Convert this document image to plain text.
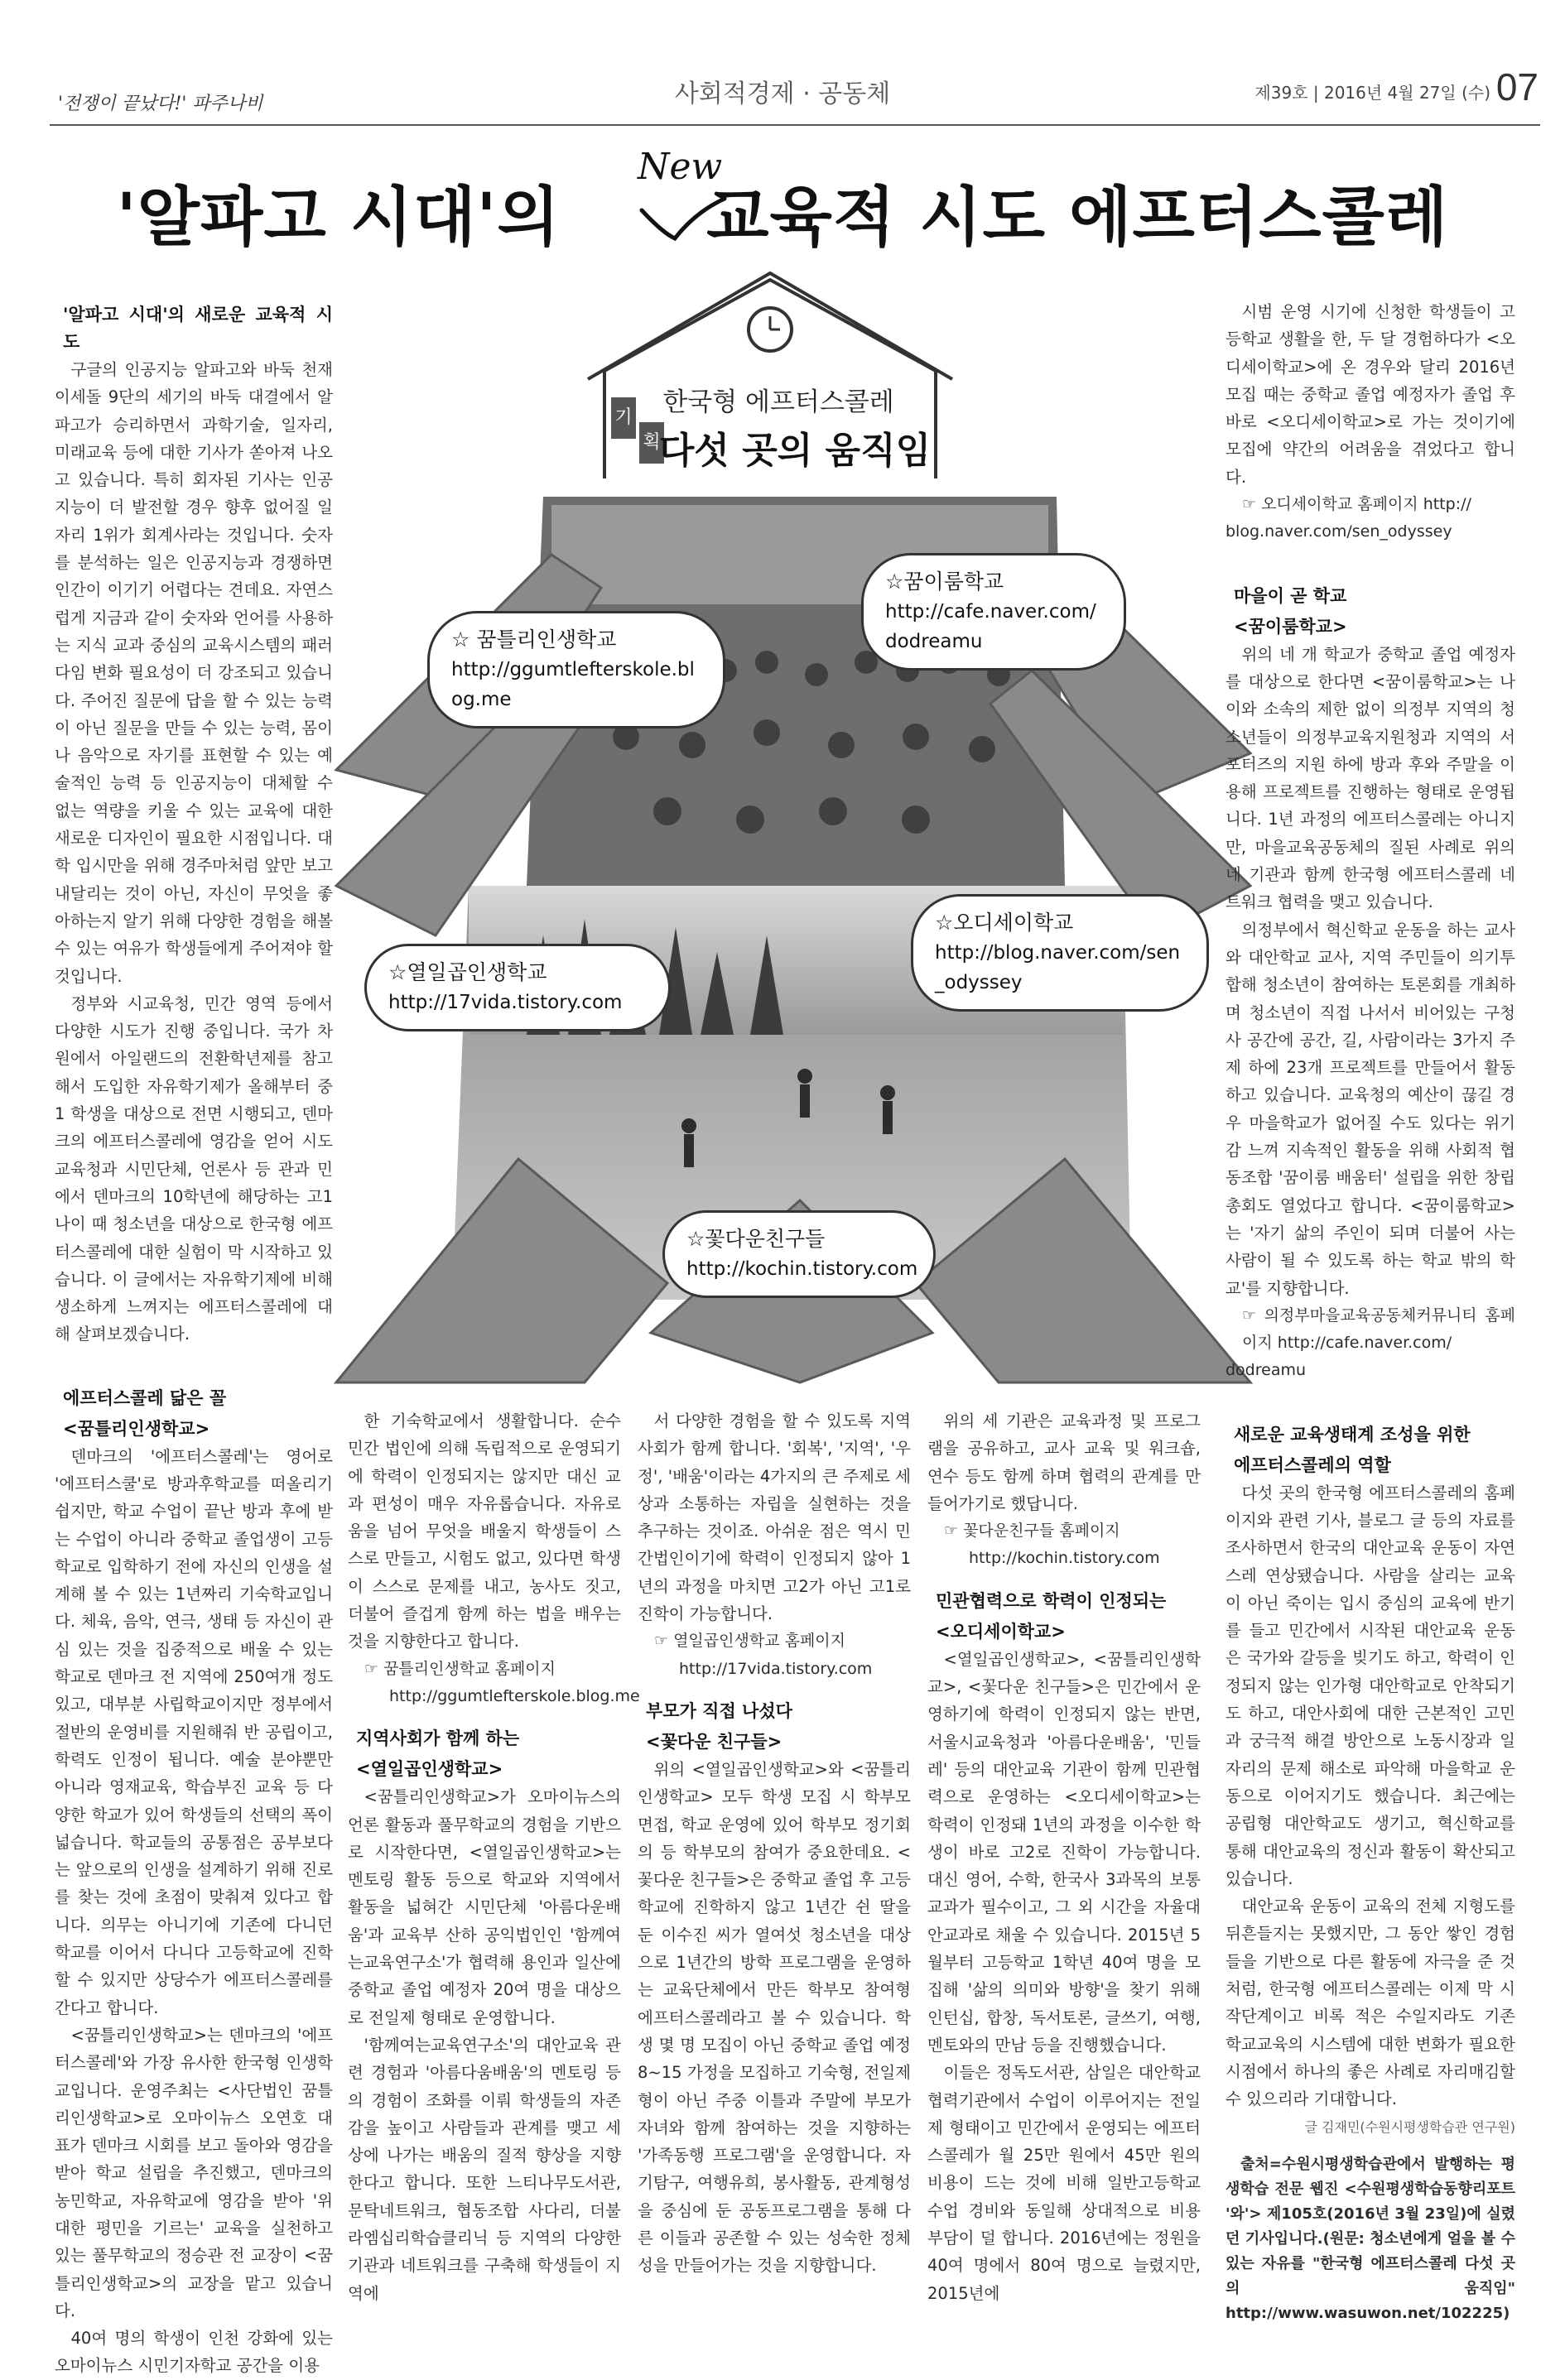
'전쟁이 끝났다!' 파주나비	사회적경제 · 공동체	제39호 | 2016년 4월 27일 (수) 07
'알파고 시대'의 교육적 시도 에프터스콜레
New
기
획
한국형 에프터스콜레
다섯 곳의 움직임
☆ 꿈틀리인생학교
http://ggumtlefterskole.blog.me
☆꿈이룸학교
http://cafe.naver.com/dodreamu
☆열일곱인생학교
http://17vida.tistory.com
☆오디세이학교
http://blog.naver.com/sen_odyssey
☆꽃다운친구들
http://kochin.tistory.com
'알파고 시대'의 새로운 교육적 시도

구글의 인공지능 알파고와 바둑 천재 이세돌 9단의 세기의 바둑 대결에서 알파고가 승리하면서 과학기술, 일자리, 미래교육 등에 대한 기사가 쏟아져 나오고 있습니다. 특히 회자된 기사는 인공지능이 더 발전할 경우 향후 없어질 일자리 1위가 회계사라는 것입니다. 숫자를 분석하는 일은 인공지능과 경쟁하면 인간이 이기기 어렵다는 견데요. 자연스럽게 지금과 같이 숫자와 언어를 사용하는 지식 교과 중심의 교육시스템의 패러다임 변화 필요성이 더 강조되고 있습니다. 주어진 질문에 답을 할 수 있는 능력이 아닌 질문을 만들 수 있는 능력, 몸이나 음악으로 자기를 표현할 수 있는 예술적인 능력 등 인공지능이 대체할 수 없는 역량을 키울 수 있는 교육에 대한 새로운 디자인이 필요한 시점입니다. 대학 입시만을 위해 경주마처럼 앞만 보고 내달리는 것이 아닌, 자신이 무엇을 좋아하는지 알기 위해 다양한 경험을 해볼 수 있는 여유가 학생들에게 주어져야 할 것입니다.

정부와 시교육청, 민간 영역 등에서 다양한 시도가 진행 중입니다. 국가 차원에서 아일랜드의 전환학년제를 참고해서 도입한 자유학기제가 올해부터 중1 학생을 대상으로 전면 시행되고, 덴마크의 에프터스콜레에 영감을 얻어 시도교육청과 시민단체, 언론사 등 관과 민에서 덴마크의 10학년에 해당하는 고1 나이 때 청소년을 대상으로 한국형 에프터스콜레에 대한 실험이 막 시작하고 있습니다. 이 글에서는 자유학기제에 비해 생소하게 느껴지는 에프터스콜레에 대해 살펴보겠습니다.

에프터스콜레 닮은 꼴
<꿈틀리인생학교>

덴마크의 '에프터스콜레'는 영어로 '에프터스쿨'로 방과후학교를 떠올리기 쉽지만, 학교 수업이 끝난 방과 후에 받는 수업이 아니라 중학교 졸업생이 고등학교로 입학하기 전에 자신의 인생을 설계해 볼 수 있는 1년짜리 기숙학교입니다. 체육, 음악, 연극, 생태 등 자신이 관심 있는 것을 집중적으로 배울 수 있는 학교로 덴마크 전 지역에 250여개 정도 있고, 대부분 사립학교이지만 정부에서 절반의 운영비를 지원해줘 반 공립이고, 학력도 인정이 됩니다. 예술 분야뿐만 아니라 영재교육, 학습부진 교육 등 다양한 학교가 있어 학생들의 선택의 폭이 넓습니다. 학교들의 공통점은 공부보다는 앞으로의 인생을 설계하기 위해 진로를 찾는 것에 초점이 맞춰져 있다고 합니다. 의무는 아니기에 기존에 다니던 학교를 이어서 다니다 고등학교에 진학할 수 있지만 상당수가 에프터스콜레를 간다고 합니다.

<꿈틀리인생학교>는 덴마크의 '에프터스콜레'와 가장 유사한 한국형 인생학교입니다. 운영주최는 <사단법인 꿈틀리인생학교>로 오마이뉴스 오연호 대표가 덴마크 시회를 보고 돌아와 영감을 받아 학교 설립을 추진했고, 덴마크의 농민학교, 자유학교에 영감을 받아 '위대한 평민을 기르는' 교육을 실천하고 있는 풀무학교의 정승관 전 교장이 <꿈틀리인생학교>의 교장을 맡고 있습니다.

40여 명의 학생이 인천 강화에 있는 오마이뉴스 시민기자학교 공간을 이용

한 기숙학교에서 생활합니다. 순수 민간 법인에 의해 독립적으로 운영되기에 학력이 인정되지는 않지만 대신 교과 편성이 매우 자유롭습니다. 자유로움을 넘어 무엇을 배울지 학생들이 스스로 만들고, 시험도 없고, 있다면 학생이 스스로 문제를 내고, 농사도 짓고, 더불어 즐겁게 함께 하는 법을 배우는 것을 지향한다고 합니다.

☞ 꿈틀리인생학교 홈페이지
http://ggumtlefterskole.blog.me
지역사회가 함께 하는
<열일곱인생학교>

<꿈틀리인생학교>가 오마이뉴스의 언론 활동과 풀무학교의 경험을 기반으로 시작한다면, <열일곱인생학교>는 멘토링 활동 등으로 학교와 지역에서 활동을 넓혀간 시민단체 '아름다운배움'과 교육부 산하 공익법인인 '함께여는교육연구소'가 협력해 용인과 일산에 중학교 졸업 예정자 20여 명을 대상으로 전일제 형태로 운영합니다.

'함께여는교육연구소'의 대안교육 관련 경험과 '아름다움배움'의 멘토링 등의 경험이 조화를 이뤄 학생들의 자존감을 높이고 사람들과 관계를 맺고 세상에 나가는 배움의 질적 향상을 지향한다고 합니다. 또한 느티나무도서관, 문탁네트워크, 협동조합 사다리, 더불라엠십리학습클리닉 등 지역의 다양한 기관과 네트워크를 구축해 학생들이 지역에

서 다양한 경험을 할 수 있도록 지역사회가 함께 합니다. '회복', '지역', '우정', '배움'이라는 4가지의 큰 주제로 세상과 소통하는 자립을 실현하는 것을 추구하는 것이죠. 아쉬운 점은 역시 민간법인이기에 학력이 인정되지 않아 1년의 과정을 마치면 고2가 아닌 고1로 진학이 가능합니다.

☞ 열일곱인생학교 홈페이지
http://17vida.tistory.com
부모가 직접 나섰다
<꽃다운 친구들>

위의 <열일곱인생학교>와 <꿈틀리인생학교> 모두 학생 모집 시 학부모 면접, 학교 운영에 있어 학부모 정기회의 등 학부모의 참여가 중요한데요. <꽃다운 친구들>은 중학교 졸업 후 고등학교에 진학하지 않고 1년간 쉰 딸을 둔 이수진 씨가 열여섯 청소년을 대상으로 1년간의 방학 프로그램을 운영하는 교육단체에서 만든 학부모 참여형 에프터스콜레라고 볼 수 있습니다. 학생 몇 명 모집이 아닌 중학교 졸업 예정 8~15 가정을 모집하고 기숙형, 전일제형이 아닌 주중 이틀과 주말에 부모가 자녀와 함께 참여하는 것을 지향하는 '가족동행 프로그램'을 운영합니다. 자기탐구, 여행유희, 봉사활동, 관계형성을 중심에 둔 공동프로그램을 통해 다른 이들과 공존할 수 있는 성숙한 정체성을 만들어가는 것을 지향합니다.

위의 세 기관은 교육과정 및 프로그램을 공유하고, 교사 교육 및 워크숍, 연수 등도 함께 하며 협력의 관계를 만들어가기로 했답니다.

☞ 꽃다운친구들 홈페이지
http://kochin.tistory.com
민관협력으로 학력이 인정되는
<오디세이학교>

<열일곱인생학교>, <꿈틀리인생학교>, <꽃다운 친구들>은 민간에서 운영하기에 학력이 인정되지 않는 반면, 서울시교육청과 '아름다운배움', '민들레' 등의 대안교육 기관이 함께 민관협력으로 운영하는 <오디세이학교>는 학력이 인정돼 1년의 과정을 이수한 학생이 바로 고2로 진학이 가능합니다. 대신 영어, 수학, 한국사 3과목의 보통교과가 필수이고, 그 외 시간을 자율대안교과로 채울 수 있습니다. 2015년 5월부터 고등학교 1학년 40여 명을 모집해 '삶의 의미와 방향'을 찾기 위해 인턴십, 합창, 독서토론, 글쓰기, 여행, 멘토와의 만남 등을 진행했습니다.

이들은 정독도서관, 삼일은 대안학교 협력기관에서 수업이 이루어지는 전일제 형태이고 민간에서 운영되는 에프터스콜레가 월 25만 원에서 45만 원의 비용이 드는 것에 비해 일반고등학교 수업 경비와 동일해 상대적으로 비용 부담이 덜 합니다. 2016년에는 정원을 40여 명에서 80여 명으로 늘렸지만, 2015년에

시범 운영 시기에 신청한 학생들이 고등학교 생활을 한, 두 달 경험하다가 <오디세이학교>에 온 경우와 달리 2016년 모집 때는 중학교 졸업 예정자가 졸업 후 바로 <오디세이학교>로 가는 것이기에 모집에 약간의 어려움을 겪었다고 합니다.

☞ 오디세이학교 홈페이지 http://
blog.naver.com/sen_odyssey
마을이 곧 학교
<꿈이룸학교>

위의 네 개 학교가 중학교 졸업 예정자를 대상으로 한다면 <꿈이룸학교>는 나이와 소속의 제한 없이 의정부 지역의 청소년들이 의정부교육지원청과 지역의 서포터즈의 지원 하에 방과 후와 주말을 이용해 프로젝트를 진행하는 형태로 운영됩니다. 1년 과정의 에프터스콜레는 아니지만, 마을교육공동체의 질된 사례로 위의 네 기관과 함께 한국형 에프터스콜레 네트워크 협력을 맺고 있습니다.

의정부에서 혁신학교 운동을 하는 교사와 대안학교 교사, 지역 주민들이 의기투합해 청소년이 참여하는 토론회를 개최하며 청소년이 직접 나서서 비어있는 구청사 공간에 공간, 길, 사람이라는 3가지 주제 하에 23개 프로젝트를 만들어서 활동하고 있습니다. 교육청의 예산이 끊길 경우 마을학교가 없어질 수도 있다는 위기감 느껴 지속적인 활동을 위해 사회적 협동조합 '꿈이룸 배움터' 설립을 위한 창립총회도 열었다고 합니다. <꿈이룸학교>는 '자기 삶의 주인이 되며 더불어 사는 사람이 될 수 있도록 하는 학교 밖의 학교'를 지향합니다.

☞ 의정부마을교육공동체커뮤니티 홈페이지 http://cafe.naver.com/
dodreamu
새로운 교육생태계 조성을 위한
에프터스콜레의 역할

다섯 곳의 한국형 에프터스콜레의 홈페이지와 관련 기사, 블로그 글 등의 자료를 조사하면서 한국의 대안교육 운동이 자연스레 연상됐습니다. 사람을 살리는 교육이 아닌 죽이는 입시 중심의 교육에 반기를 들고 민간에서 시작된 대안교육 운동은 국가와 갈등을 빚기도 하고, 학력이 인정되지 않는 인가형 대안학교로 안착되기도 하고, 대안사회에 대한 근본적인 고민과 궁극적 해결 방안으로 노동시장과 일자리의 문제 해소로 파악해 마을학교 운동으로 이어지기도 했습니다. 최근에는 공립형 대안학교도 생기고, 혁신학교를 통해 대안교육의 정신과 활동이 확산되고 있습니다.

대안교육 운동이 교육의 전체 지형도를 뒤흔들지는 못했지만, 그 동안 쌓인 경험들을 기반으로 다른 활동에 자극을 준 것처럼, 한국형 에프터스콜레는 이제 막 시작단계이고 비록 적은 수일지라도 기존 학교교육의 시스템에 대한 변화가 필요한 시점에서 하나의 좋은 사례로 자리매김할 수 있으리라 기대합니다.

글 김재민(수원시평생학습관 연구원)
출처=수원시평생학습관에서 발행하는 평생학습 전문 웹진 <수원평생학습동향리포트 '와'> 제105호(2016년 3월 23일)에 실렸던 기사입니다.(원문: 청소년에게 얼을 볼 수 있는 자유를 "한국형 에프터스콜레 다섯 곳의 움직임" http://www.wasuwon.net/102225)
